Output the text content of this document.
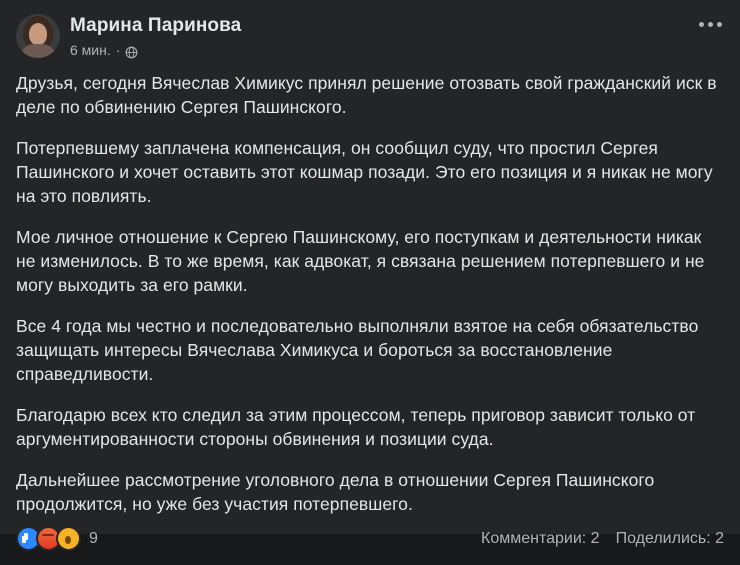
Марина Паринова
6 мин. ·

Друзья, сегодня Вячеслав Химикус принял решение отозвать свой гражданский иск в деле по обвинению Сергея Пашинского.

Потерпевшему заплачена компенсация, он сообщил суду, что простил Сергея Пашинского и хочет оставить этот кошмар позади. Это его позиция и я никак не могу на это повлиять.

Мое личное отношение к Сергею Пашинскому, его поступкам и деятельности никак не изменилось. В то же время, как адвокат, я связана решением потерпевшего и не могу выходить за его рамки.

Все 4 года мы честно и последовательно выполняли взятое на себя обязательство защищать интересы Вячеслава Химикуса и бороться за восстановление справедливости.

Благодарю всех кто следил за этим процессом, теперь приговор зависит только от аргументированности стороны обвинения и позиции суда.

Дальнейшее рассмотрение уголовного дела в отношении Сергея Пашинского продолжится, но уже без участия потерпевшего.

9	Комментарии: 2 Поделились: 2
